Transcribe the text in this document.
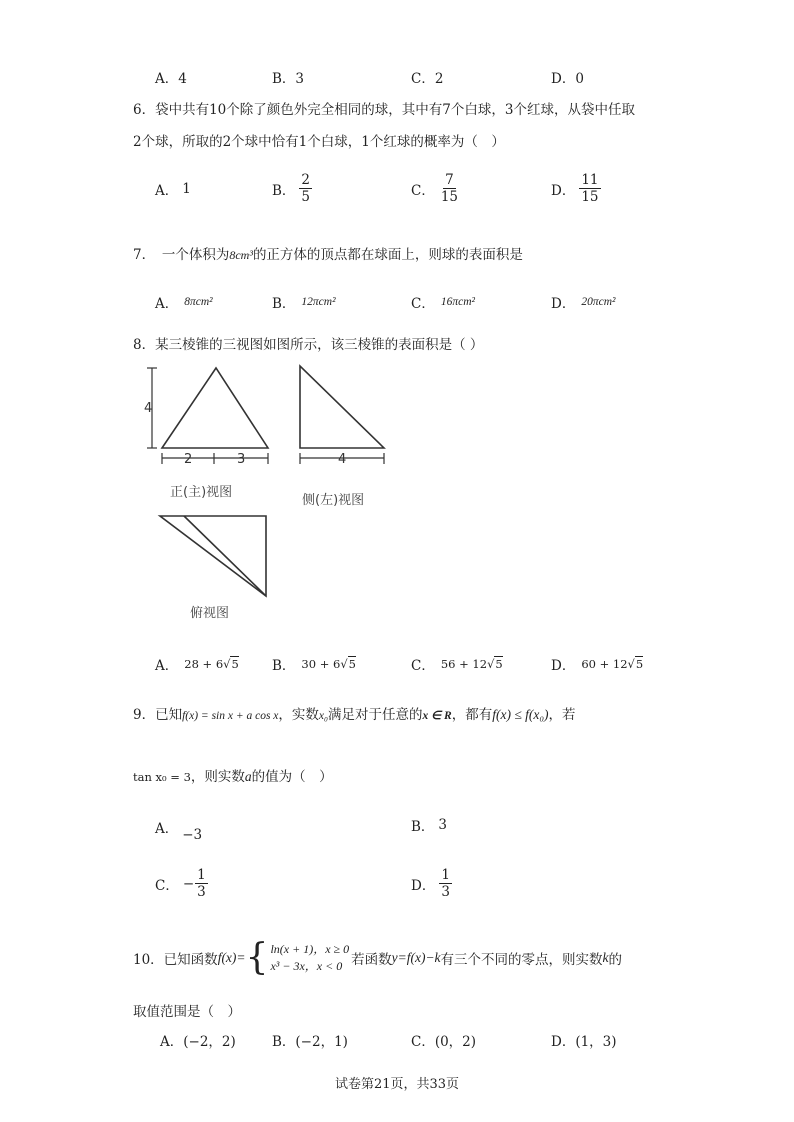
A．4	B．3	C．2	D．0
6．袋中共有10个除了颜色外完全相同的球，其中有7个白球，3个红球，从袋中任取
2个球，所取的2个球中恰有1个白球，1个红球的概率为（　）
A． 1	B． $\frac{2}{5}$	C． $\frac{7}{15}$	D． $\frac{11}{15}$
7．　一个体积为8cm³的正方体的顶点都在球面上，则球的表面积是
A． 8πcm²	B． 12πcm²	C． 16πcm²	D． 20πcm²
8．某三棱锥的三视图如图所示，该三棱锥的表面积是（ ）
4
2	3
正(主)视图
4
侧(左)视图
俯视图
A． 28 + 6√5 B． 30 + 6√5	C． 56 + 12√5	D． 60 + 12√5
9．已知f(x) = sin x + a cos x，实数x₀满足对于任意的x ∈ R，都有f(x) ≤ f(x₀)，若
tan x₀ = 3，则实数a的值为（　）
A． −3	B． 3
C． − $\frac{1}{3}$	D． $\frac{1}{3}$
10．已知函数 f(x)= { ln(x + 1)，x ≥ 0
x³ − 3x，x < 0 若函数 y=f(x)−k 有三个不同的零点，则实数 k 的
取值范围是（　）
A．(−2，2)	B．(−2，1)	C．(0，2)	D．(1，3)
试卷第21页，共33页
